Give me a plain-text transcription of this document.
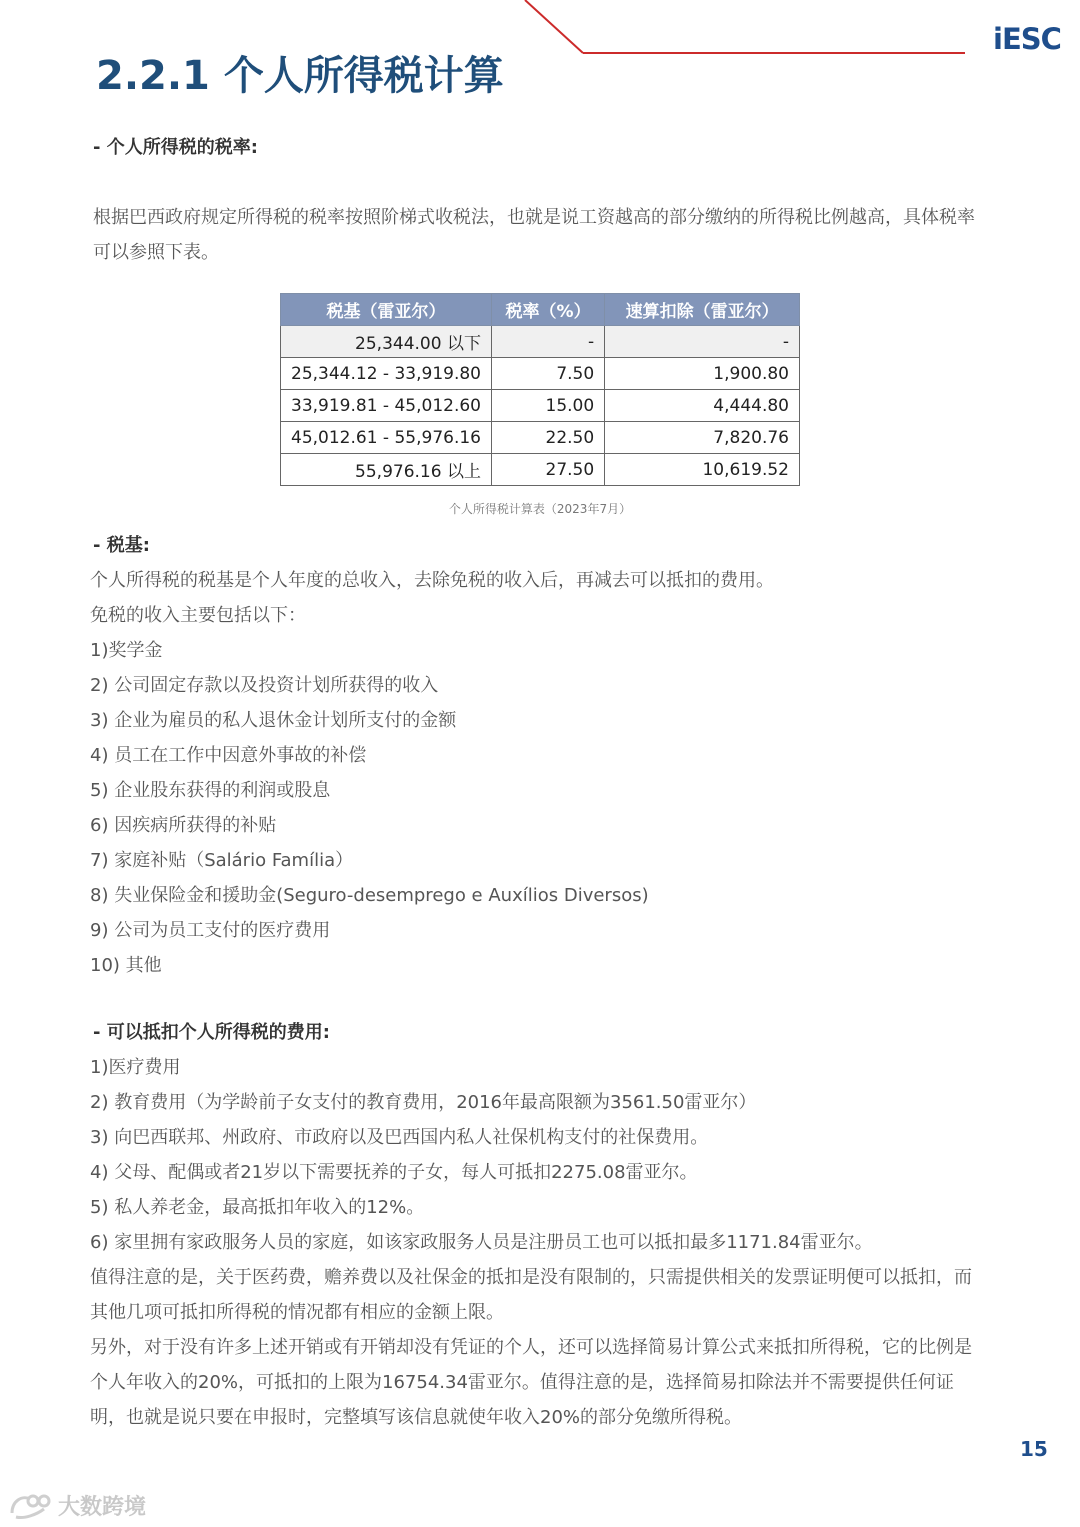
iESC
2.2.1 个人所得税计算
- 个人所得税的税率:

根据巴西政府规定所得税的税率按照阶梯式收税法，也就是说工资越高的部分缴纳的所得税比例越高，具体税率可以参照下表。

税基（雷亚尔）	税率（%）	速算扣除（雷亚尔）
25,344.00 以下	-	-
25,344.12 - 33,919.80	7.50	1,900.80
33,919.81 - 45,012.60	15.00	4,444.80
45,012.61 - 55,976.16	22.50	7,820.76
55,976.16 以上	27.50	10,619.52
个人所得税计算表（2023年7月）
- 税基:
个人所得税的税基是个人年度的总收入，去除免税的收入后，再减去可以抵扣的费用。
免税的收入主要包括以下：
1)奖学金
2) 公司固定存款以及投资计划所获得的收入
3) 企业为雇员的私人退休金计划所支付的金额
4) 员工在工作中因意外事故的补偿
5) 企业股东获得的利润或股息
6) 因疾病所获得的补贴
7) 家庭补贴（Salário Família）
8) 失业保险金和援助金(Seguro-desemprego e Auxílios Diversos)
9) 公司为员工支付的医疗费用
10) 其他
- 可以抵扣个人所得税的费用:
1)医疗费用
2) 教育费用（为学龄前子女支付的教育费用，2016年最高限额为3561.50雷亚尔）
3) 向巴西联邦、州政府、市政府以及巴西国内私人社保机构支付的社保费用。
4) 父母、配偶或者21岁以下需要抚养的子女，每人可抵扣2275.08雷亚尔。
5) 私人养老金，最高抵扣年收入的12%。
6) 家里拥有家政服务人员的家庭，如该家政服务人员是注册员工也可以抵扣最多1171.84雷亚尔。

值得注意的是，关于医药费，赡养费以及社保金的抵扣是没有限制的，只需提供相关的发票证明便可以抵扣，而其他几项可抵扣所得税的情况都有相应的金额上限。

另外，对于没有许多上述开销或有开销却没有凭证的个人，还可以选择简易计算公式来抵扣所得税，它的比例是个人年收入的20%，可抵扣的上限为16754.34雷亚尔。值得注意的是，选择简易扣除法并不需要提供任何证明，也就是说只要在申报时，完整填写该信息就使年收入20%的部分免缴所得税。

15
大数跨境
